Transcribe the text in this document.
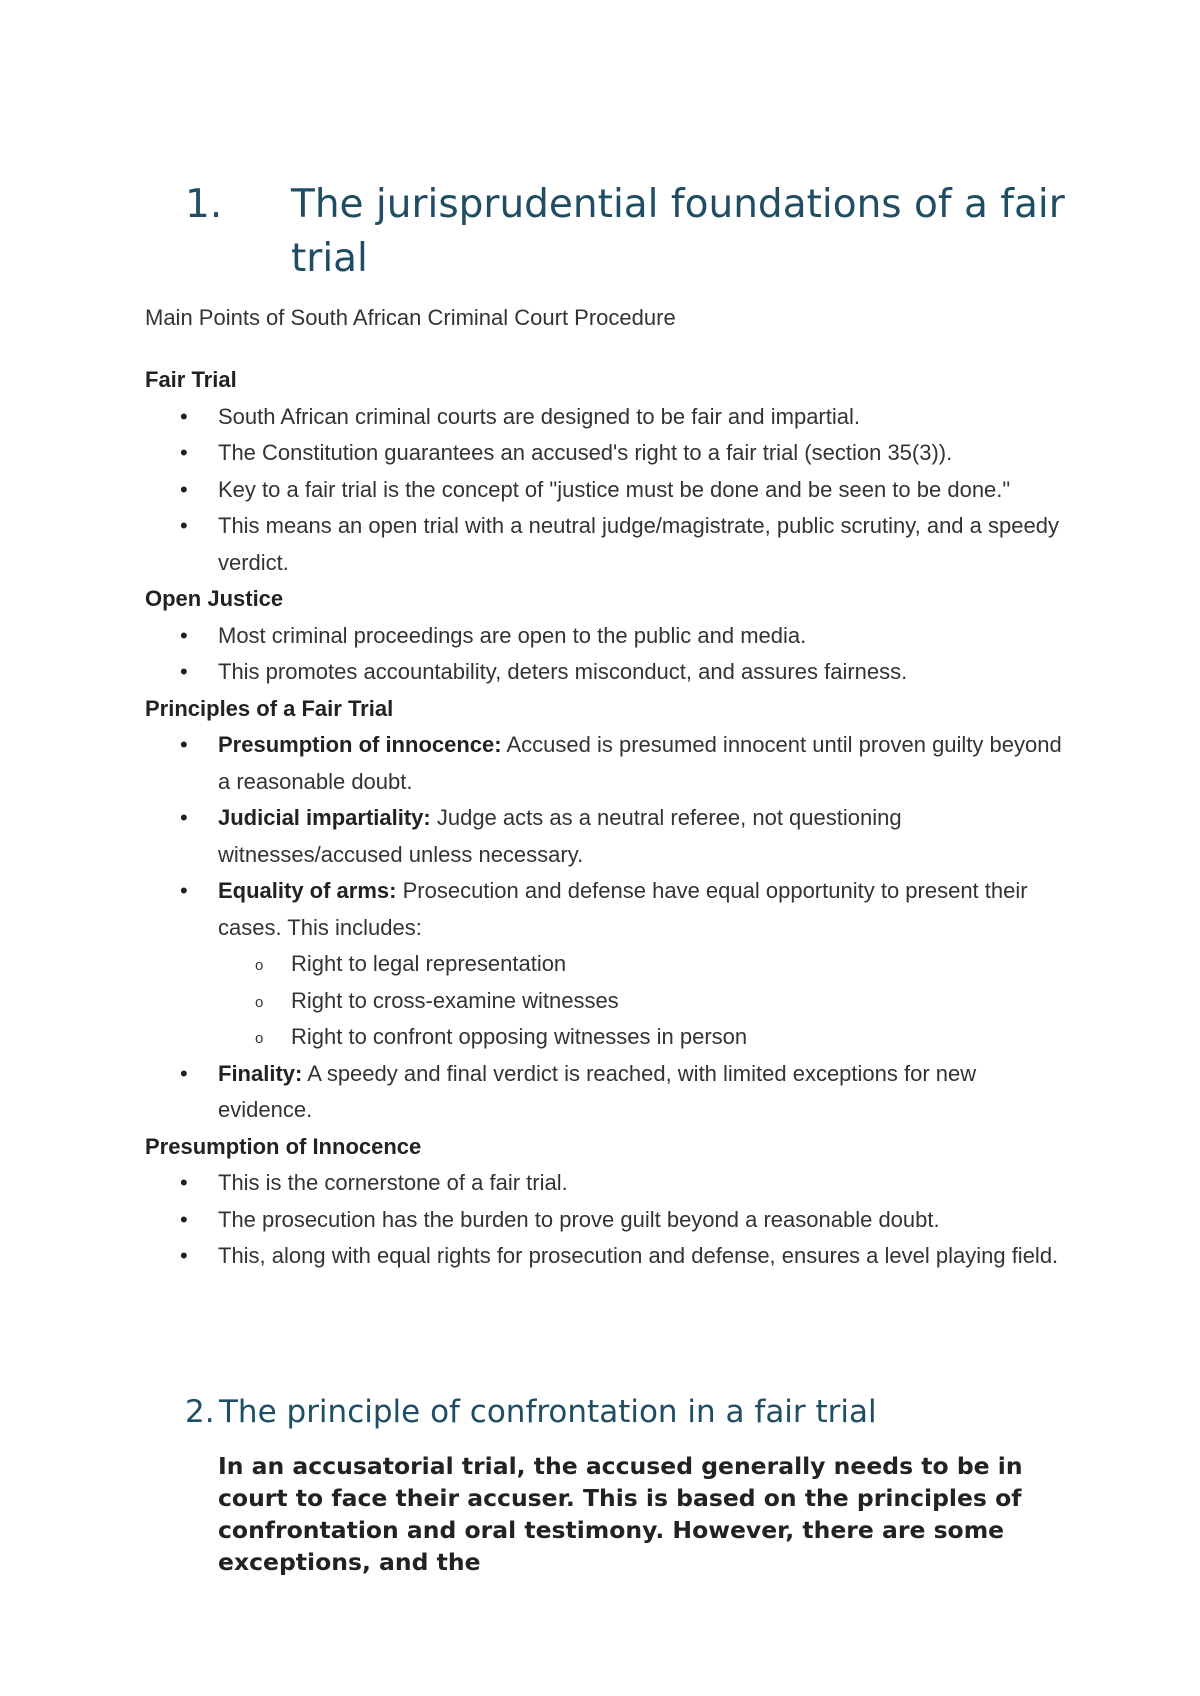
1.	The jurisprudential foundations of a fair trial

Main Points of South African Criminal Court Procedure

Fair Trial
• South African criminal courts are designed to be fair and impartial.
• The Constitution guarantees an accused's right to a fair trial (section 35(3)).
• Key to a fair trial is the concept of "justice must be done and be seen to be done."
• This means an open trial with a neutral judge/magistrate, public scrutiny, and a speedy verdict.
Open Justice
• Most criminal proceedings are open to the public and media.
• This promotes accountability, deters misconduct, and assures fairness.
Principles of a Fair Trial
• Presumption of innocence: Accused is presumed innocent until proven guilty beyond a reasonable doubt.
• Judicial impartiality: Judge acts as a neutral referee, not questioning witnesses/accused unless necessary.
• Equality of arms: Prosecution and defense have equal opportunity to present their cases. This includes:
o Right to legal representation
o Right to cross-examine witnesses
o Right to confront opposing witnesses in person
• Finality: A speedy and final verdict is reached, with limited exceptions for new evidence.
Presumption of Innocence
• This is the cornerstone of a fair trial.
• The prosecution has the burden to prove guilt beyond a reasonable doubt.
• This, along with equal rights for prosecution and defense, ensures a level playing field.
2. The principle of confrontation in a fair trial

In an accusatorial trial, the accused generally needs to be in court to face their accuser. This is based on the principles of confrontation and oral testimony. However, there are some exceptions, and the
